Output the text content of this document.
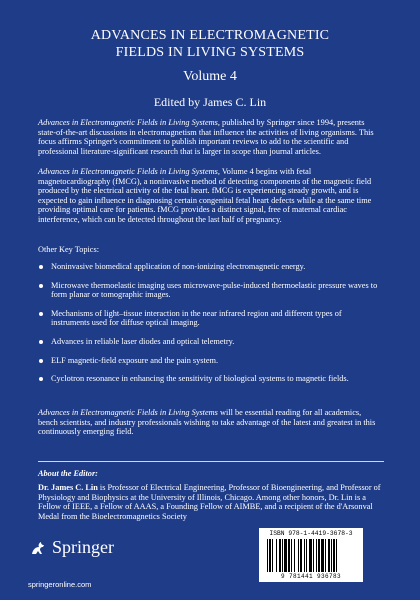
ADVANCES IN ELECTROMAGNETIC
FIELDS IN LIVING SYSTEMS
Volume 4
Edited by James C. Lin
Advances in Electromagnetic Fields in Living Systems, published by Springer since 1994, presents state-of-the-art discussions in electromagnetism that influence the activities of living organisms. This focus affirms Springer's commitment to publish important reviews to add to the scientific and professional literature-significant research that is larger in scope than journal articles.
Advances in Electromagnetic Fields in Living Systems, Volume 4 begins with fetal magnetocardiography (fMCG), a noninvasive method of detecting components of the magnetic field produced by the electrical activity of the fetal heart. fMCG is experiencing steady growth, and is expected to gain influence in diagnosing certain congenital fetal heart defects while at the same time providing optimal care for patients. fMCG provides a distinct signal, free of maternal cardiac interference, which can be detected throughout the last half of pregnancy.
Other Key Topics:
Noninvasive biomedical application of non-ionizing electromagnetic energy.
Microwave thermoelastic imaging uses microwave-pulse-induced thermoelastic pressure waves to form planar or tomographic images.
Mechanisms of light–tissue interaction in the near infrared region and different types of instruments used for diffuse optical imaging.
Advances in reliable laser diodes and optical telemetry.
ELF magnetic-field exposure and the pain system.
Cyclotron resonance in enhancing the sensitivity of biological systems to magnetic fields.
Advances in Electromagnetic Fields in Living Systems will be essential reading for all academics, bench scientists, and industry professionals wishing to take advantage of the latest and greatest in this continuously emerging field.
About the Editor:
Dr. James C. Lin is Professor of Electrical Engineering, Professor of Bioengineering, and Professor of Physiology and Biophysics at the University of Illinois, Chicago. Among other honors, Dr. Lin is a Fellow of IEEE, a Fellow of AAAS, a Founding Fellow of AIMBE, and a recipient of the d'Arsonval Medal from the Bioelectromagnetics Society
Springer
springeronline.com
ISBN 978-1-4419-3678-3
9 781441 936783
